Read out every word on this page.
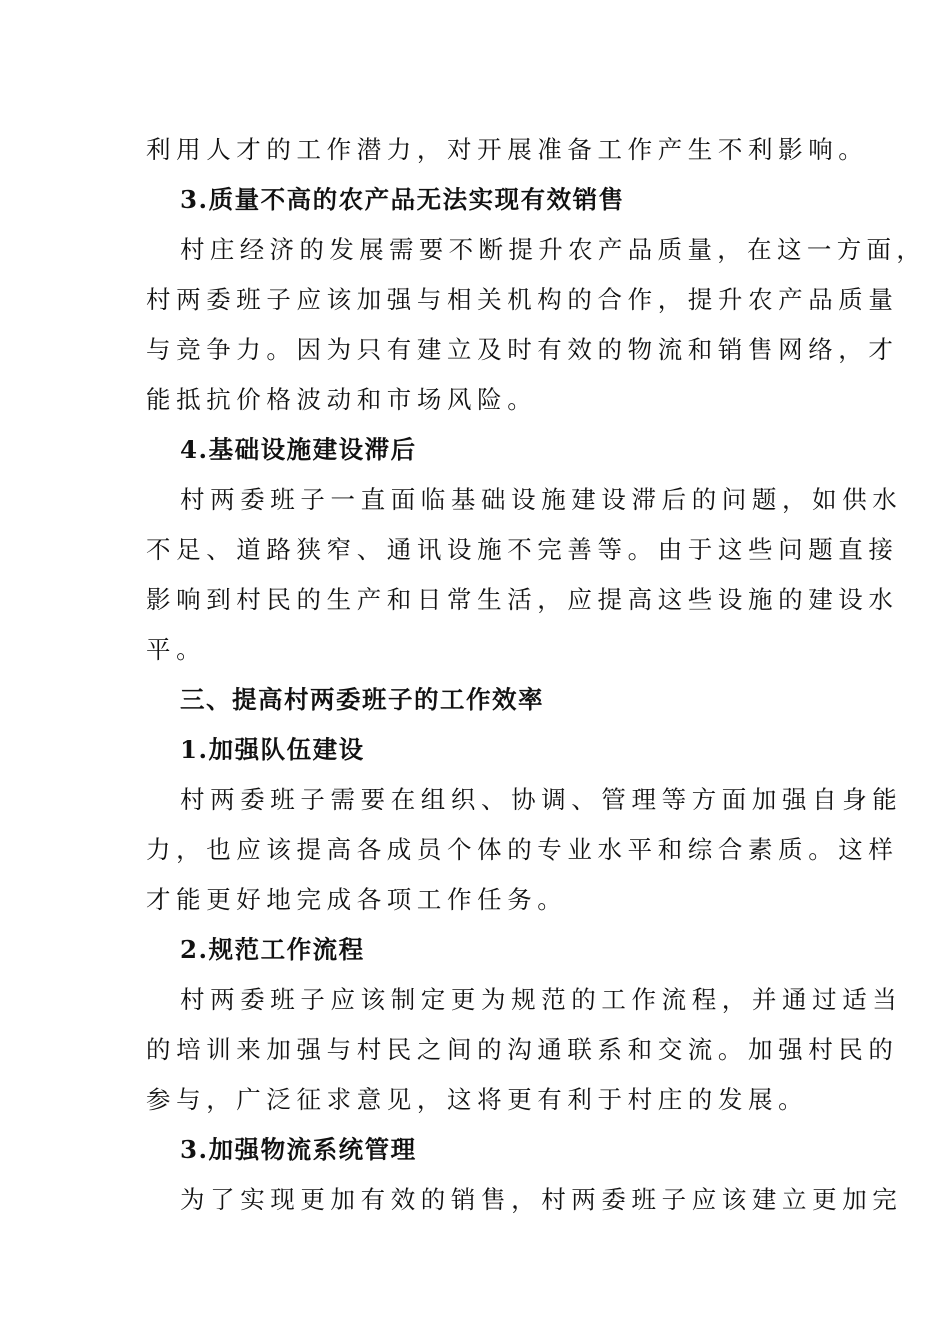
利用人才的工作潜力，对开展准备工作产生不利影响。
3.质量不高的农产品无法实现有效销售
村庄经济的发展需要不断提升农产品质量，在这一方面，
村两委班子应该加强与相关机构的合作，提升农产品质量
与竞争力。因为只有建立及时有效的物流和销售网络，才
能抵抗价格波动和市场风险。
4.基础设施建设滞后
村两委班子一直面临基础设施建设滞后的问题，如供水
不足、道路狭窄、通讯设施不完善等。由于这些问题直接
影响到村民的生产和日常生活，应提高这些设施的建设水
平。
三、提高村两委班子的工作效率
1.加强队伍建设
村两委班子需要在组织、协调、管理等方面加强自身能
力，也应该提高各成员个体的专业水平和综合素质。这样
才能更好地完成各项工作任务。
2.规范工作流程
村两委班子应该制定更为规范的工作流程，并通过适当
的培训来加强与村民之间的沟通联系和交流。加强村民的
参与，广泛征求意见，这将更有利于村庄的发展。
3.加强物流系统管理
为了实现更加有效的销售，村两委班子应该建立更加完
